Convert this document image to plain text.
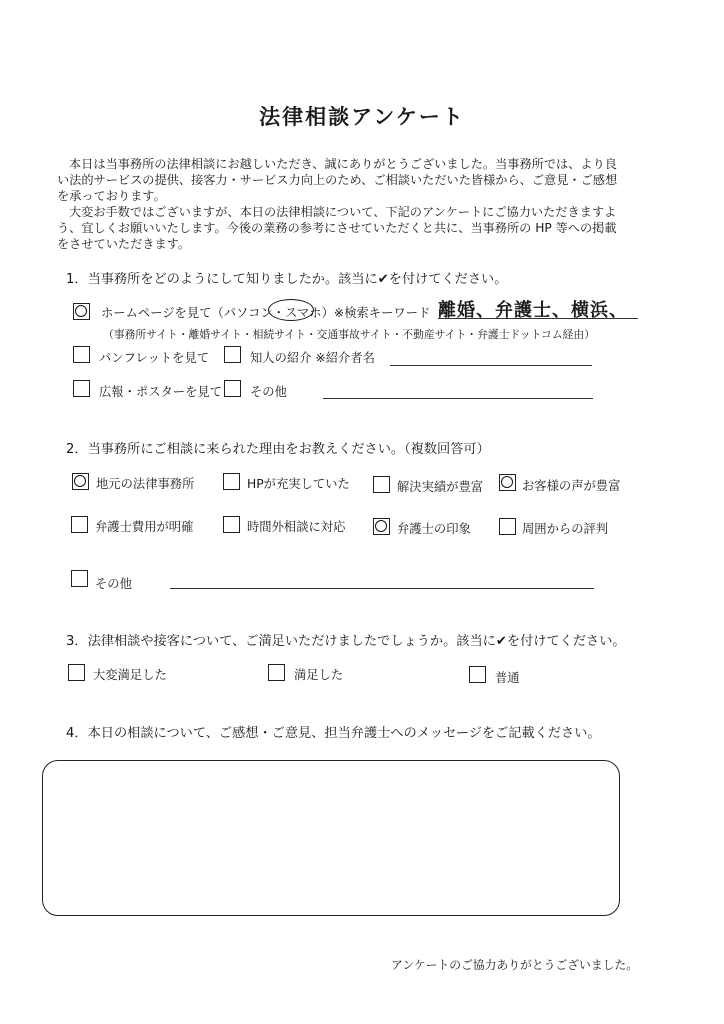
法律相談アンケート

本日は当事務所の法律相談にお越しいただき、誠にありがとうございました。当事務所では、より良い法的サービスの提供、接客力・サービス力向上のため、ご相談いただいた皆様から、ご意見・ご感想を承っております。

大変お手数ではございますが、本日の法律相談について、下記のアンケートにご協力いただきますよう、宜しくお願いいたします。今後の業務の参考にさせていただくと共に、当事務所の HP 等への掲載をさせていただきます。

1．当事務所をどのようにして知りましたか。該当に✔を付けてください。
ホームページを見て（パソコン・スマホ）※検索キーワード 離婚、弁護士、横浜、
（事務所サイト・離婚サイト・相続サイト・交通事故サイト・不動産サイト・弁護士ドットコム経由）
パンフレットを見て	知人の紹介 ※紹介者名
広報・ポスターを見て その他
2．当事務所にご相談に来られた理由をお教えください。（複数回答可）
地元の法律事務所	HPが充実していた	解決実績が豊富	お客様の声が豊富
弁護士費用が明確	時間外相談に対応	弁護士の印象	周囲からの評判
その他
3．法律相談や接客について、ご満足いただけましたでしょうか。該当に✔を付けてください。
大変満足した	満足した	普通
4．本日の相談について、ご感想・ご意見、担当弁護士へのメッセージをご記載ください。
アンケートのご協力ありがとうございました。
